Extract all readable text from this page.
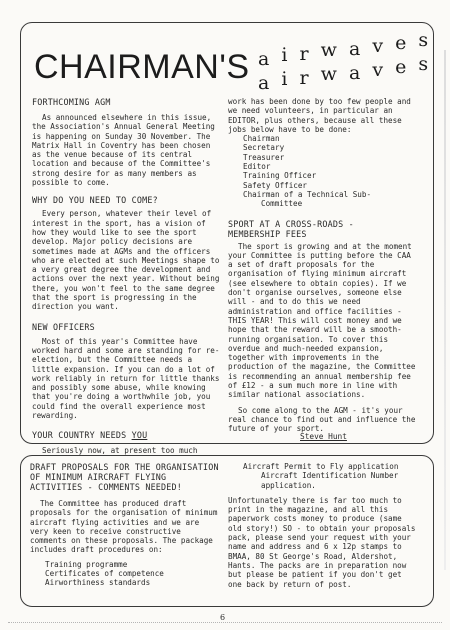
CHAIRMAN'S a i r w a v e s
a i r w a v e s

FORTHCOMING AGM

As announced elsewhere in this issue, the Association's Annual General Meeting is happening on Sunday 30 November. The Matrix Hall in Coventry has been chosen as the venue because of its central location and because of the Committee's strong desire for as many members as possible to come.

WHY DO YOU NEED TO COME?

Every person, whatever their level of interest in the sport, has a vision of how they would like to see the sport develop. Major policy decisions are sometimes made at AGMs and the officers who are elected at such Meetings shape to a very great degree the development and actions over the next year. Without being there, you won't feel to the same degree that the sport is progressing in the direction you want.

NEW OFFICERS

Most of this year's Committee have worked hard and some are standing for re-election, but the Committee needs a little expansion. If you can do a lot of work reliably in return for little thanks and possibly some abuse, while knowing that you're doing a worthwhile job, you could find the overall experience most rewarding.

YOUR COUNTRY NEEDS YOU

Seriously now, at present too much

work has been done by too few people and we need volunteers, in particular an EDITOR, plus others, because all these jobs below have to be done:

Chairman
Secretary
Treasurer
Editor
Training Officer
Safety Officer
Chairman of a Technical Sub-
Committee

SPORT AT A CROSS-ROADS -

MEMBERSHIP FEES

The sport is growing and at the moment your Committee is putting before the CAA a set of draft proposals for the organisation of flying minimum aircraft (see elsewhere to obtain copies). If we don't organise ourselves, someone else will - and to do this we need administration and office facilities - THIS YEAR! This will cost money and we hope that the reward will be a smooth-running organisation. To cover this overdue and much-needed expansion, together with improvements in the production of the magazine, the Committee is recommending an annual membership fee of £12 - a sum much more in line with similar national associations.

So come along to the AGM - it's your real chance to find out and influence the future of your sport.

Steve Hunt

DRAFT PROPOSALS FOR THE ORGANISATION OF MINIMUM AIRCRAFT FLYING ACTIVITIES - COMMENTS NEEDED!

The Committee has produced draft proposals for the organisation of minimum aircraft flying activities and we are very keen to receive constructive comments on these proposals. The package includes draft procedures on:

Training programme
Certificates of competence
Airworthiness standards
Aircraft Permit to Fly application
Aircraft Identification Number application.

Unfortunately there is far too much to print in the magazine, and all this paperwork costs money to produce (same old story!) SO - to obtain your proposals pack, please send your request with your name and address and 6 x 12p stamps to BMAA, 80 St George's Road, Aldershot, Hants. The packs are in preparation now but please be patient if you don't get one back by return of post.

6
